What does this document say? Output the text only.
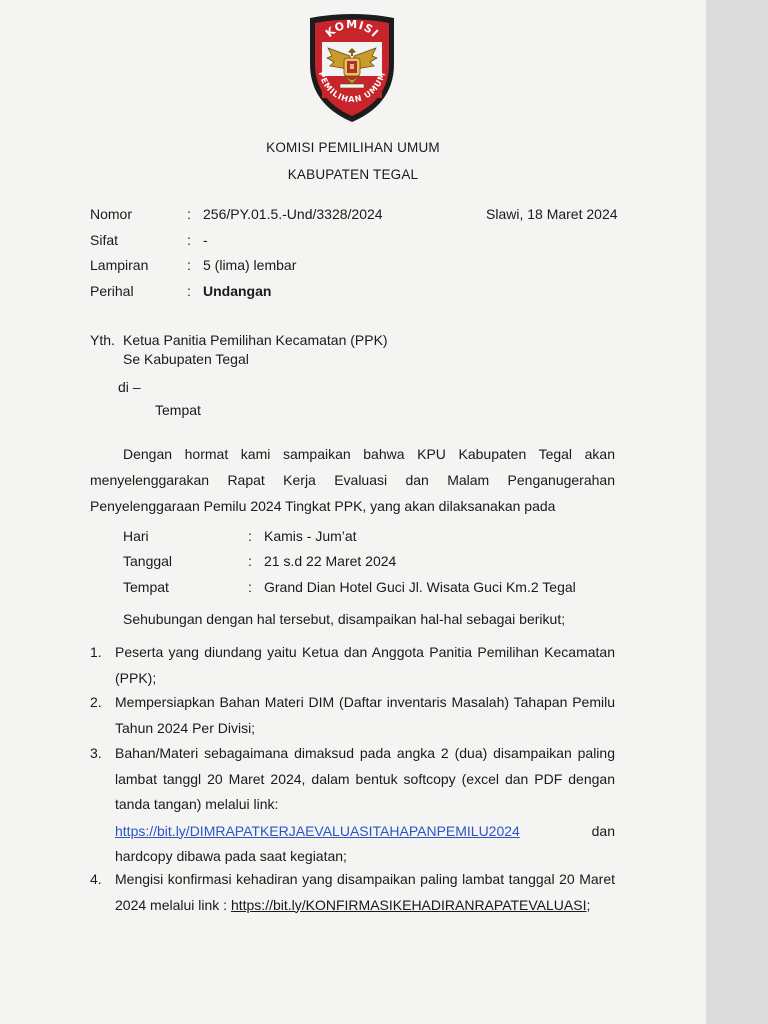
KOMISI
PEMILIHAN UMUM
KOMISI PEMILIHAN UMUM
KABUPATEN TEGAL
Nomor	: 256/PY.01.5.-Und/3328/2024	Slawi, 18 Maret 2024
Sifat	: -
Lampiran	: 5 (lima) lembar
Perihal	: Undangan
Yth. Ketua Panitia Pemilihan Kecamatan (PPK)
Se Kabupaten Tegal
di –
Tempat
Dengan hormat kami sampaikan bahwa KPU Kabupaten Tegal akan menyelenggarakan Rapat Kerja Evaluasi dan Malam Penganugerahan Penyelenggaraan Pemilu 2024 Tingkat PPK, yang akan dilaksanakan pada
Hari	: Kamis - Jum’at
Tanggal	: 21 s.d 22 Maret 2024
Tempat	: Grand Dian Hotel Guci Jl. Wisata Guci Km.2 Tegal
Sehubungan dengan hal tersebut, disampaikan hal-hal sebagai berikut;
1. Peserta yang diundang yaitu Ketua dan Anggota Panitia Pemilihan Kecamatan (PPK);

2. Mempersiapkan Bahan Materi DIM (Daftar inventaris Masalah) Tahapan Pemilu Tahun 2024 Per Divisi;

3. Bahan/Materi sebagaimana dimaksud pada angka 2 (dua) disampaikan paling lambat tanggl 20 Maret 2024, dalam bentuk softcopy (excel dan PDF dengan tanda tangan) melalui link:

https://bit.ly/DIMRAPATKERJAEVALUASITAHAPANPEMILU2024	dan

hardcopy dibawa pada saat kegiatan;

4. Mengisi konfirmasi kehadiran yang disampaikan paling lambat tanggal 20 Maret 2024 melalui link : https://bit.ly/KONFIRMASIKEHADIRANRAPATEVALUASI;
